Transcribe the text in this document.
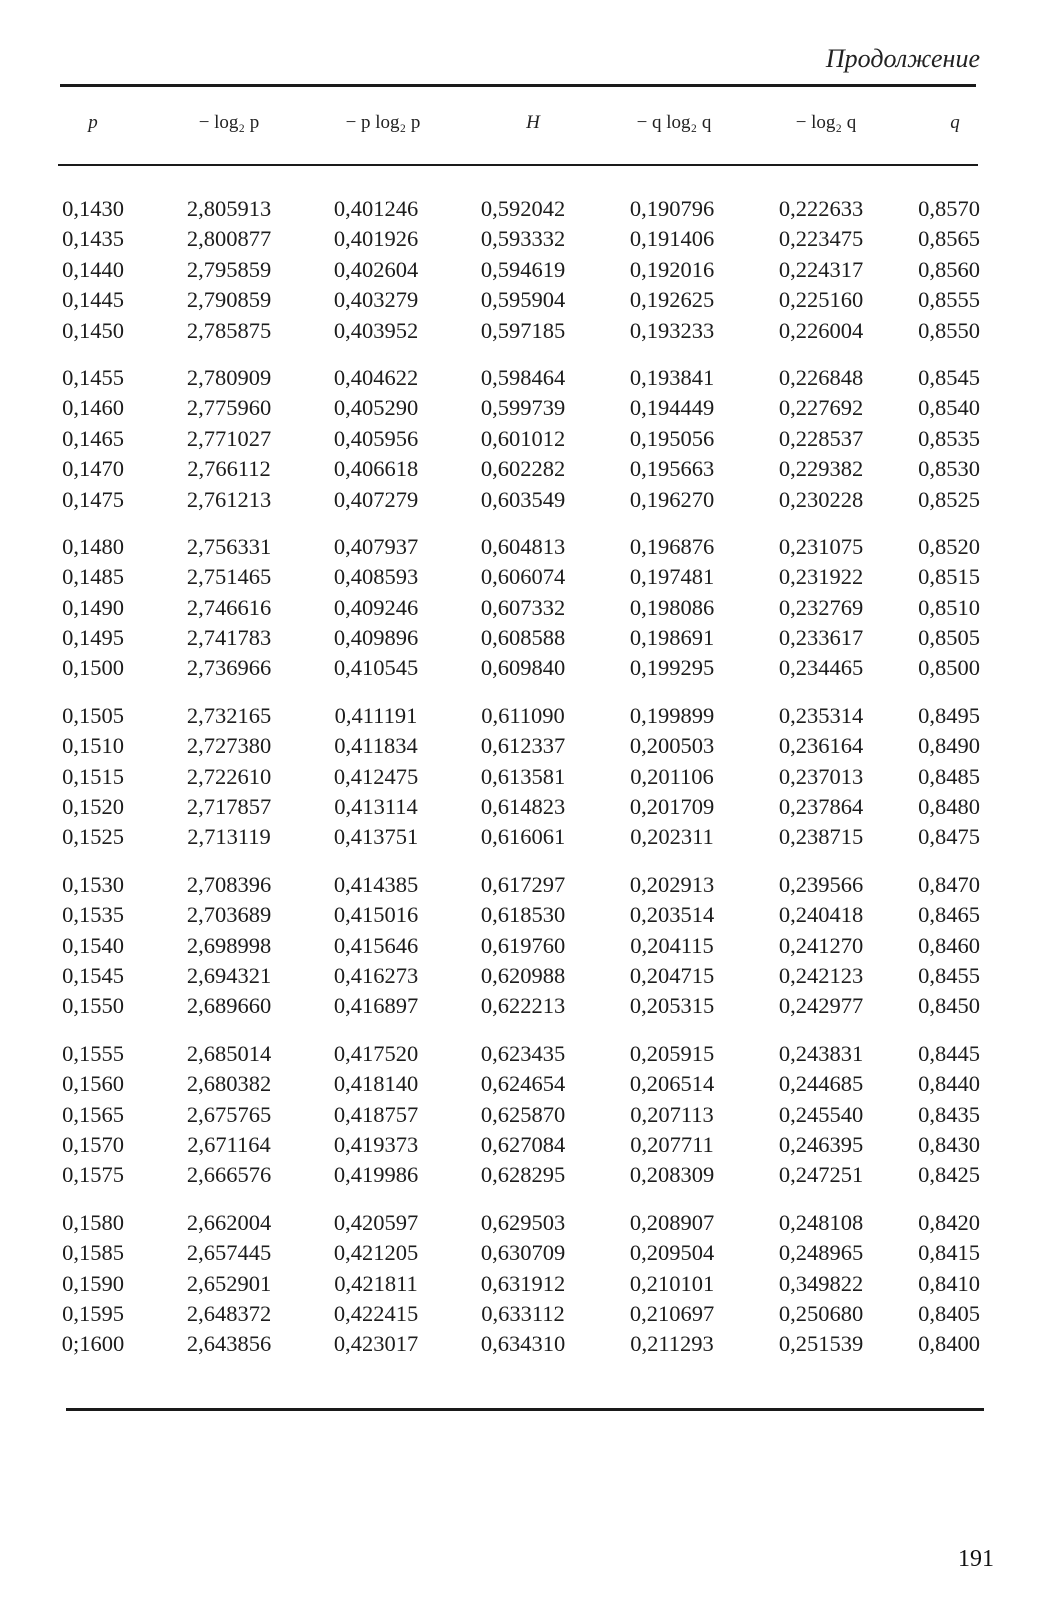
Продолжение
p	− log₂ p	− p log₂ p	H	− q log₂ q	− log₂ q	q
0,1430	2,805913	0,401246	0,592042	0,190796	0,222633 0,8570
0,1435	2,800877	0,401926	0,593332	0,191406	0,223475 0,8565
0,1440	2,795859	0,402604	0,594619	0,192016	0,224317 0,8560
0,1445	2,790859	0,403279	0,595904	0,192625	0,225160 0,8555
0,1450	2,785875	0,403952	0,597185	0,193233	0,226004 0,8550
0,1455	2,780909	0,404622	0,598464	0,193841	0,226848 0,8545
0,1460	2,775960	0,405290	0,599739	0,194449	0,227692 0,8540
0,1465	2,771027	0,405956	0,601012	0,195056	0,228537 0,8535
0,1470	2,766112	0,406618	0,602282	0,195663	0,229382 0,8530
0,1475	2,761213	0,407279	0,603549	0,196270	0,230228 0,8525
0,1480	2,756331	0,407937	0,604813	0,196876	0,231075 0,8520
0,1485	2,751465	0,408593	0,606074	0,197481	0,231922 0,8515
0,1490	2,746616	0,409246	0,607332	0,198086	0,232769 0,8510
0,1495	2,741783	0,409896	0,608588	0,198691	0,233617 0,8505
0,1500	2,736966	0,410545	0,609840	0,199295	0,234465 0,8500
0,1505	2,732165	0,411191	0,611090	0,199899	0,235314 0,8495
0,1510	2,727380	0,411834	0,612337	0,200503	0,236164 0,8490
0,1515	2,722610	0,412475	0,613581	0,201106	0,237013 0,8485
0,1520	2,717857	0,413114	0,614823	0,201709	0,237864 0,8480
0,1525	2,713119	0,413751	0,616061	0,202311	0,238715 0,8475
0,1530	2,708396	0,414385	0,617297	0,202913	0,239566 0,8470
0,1535	2,703689	0,415016	0,618530	0,203514	0,240418 0,8465
0,1540	2,698998	0,415646	0,619760	0,204115	0,241270 0,8460
0,1545	2,694321	0,416273	0,620988	0,204715	0,242123 0,8455
0,1550	2,689660	0,416897	0,622213	0,205315	0,242977 0,8450
0,1555	2,685014	0,417520	0,623435	0,205915	0,243831 0,8445
0,1560	2,680382	0,418140	0,624654	0,206514	0,244685 0,8440
0,1565	2,675765	0,418757	0,625870	0,207113	0,245540 0,8435
0,1570	2,671164	0,419373	0,627084	0,207711	0,246395 0,8430
0,1575	2,666576	0,419986	0,628295	0,208309	0,247251 0,8425
0,1580	2,662004	0,420597	0,629503	0,208907	0,248108 0,8420
0,1585	2,657445	0,421205	0,630709	0,209504	0,248965 0,8415
0,1590	2,652901	0,421811	0,631912	0,210101	0,349822 0,8410
0,1595	2,648372	0,422415	0,633112	0,210697	0,250680 0,8405
0;1600	2,643856	0,423017	0,634310	0,211293	0,251539 0,8400
191
